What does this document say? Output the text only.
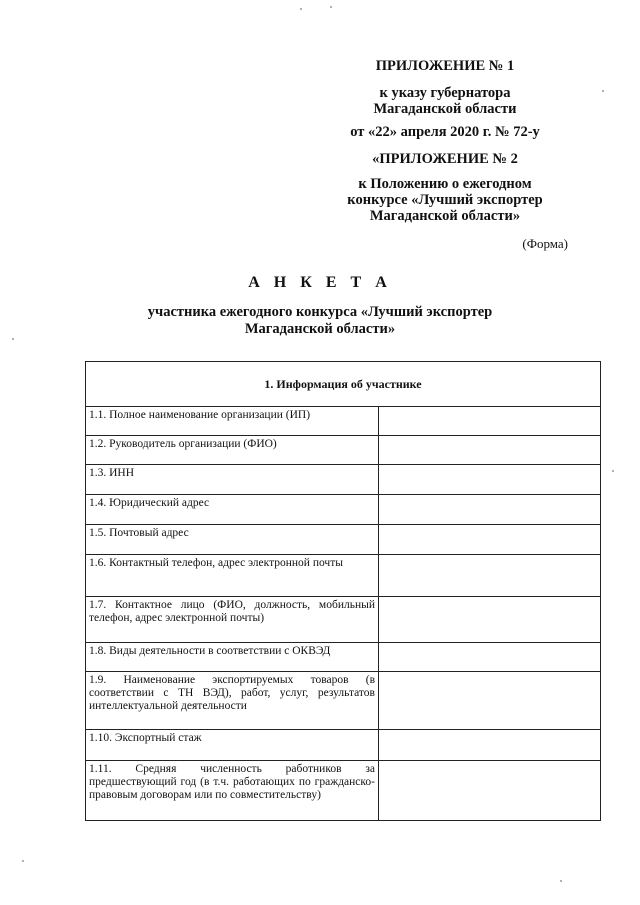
ПРИЛОЖЕНИЕ № 1
к указу губернатора
Магаданской области
от «22» апреля 2020 г. № 72-у
«ПРИЛОЖЕНИЕ № 2
к Положению о ежегодном
конкурсе «Лучший экспортер
Магаданской области»
(Форма)
А Н К Е Т А
участника ежегодного конкурса «Лучший экспортер
Магаданской области»
1. Информация об участнике	
1.1. Полное наименование организации (ИП)	
1.2. Руководитель организации (ФИО)	
1.3. ИНН	
1.4. Юридический адрес	
1.5. Почтовый адрес	
1.6. Контактный телефон, адрес электронной почты	
1.7. Контактное лицо (ФИО, должность, мобильный телефон, адрес электронной почты)	
1.8. Виды деятельности в соответствии с ОКВЭД	
1.9. Наименование экспортируемых товаров (в соответствии с ТН ВЭД), работ, услуг, результатов интеллектуальной деятельности	
1.10. Экспортный стаж	
1.11. Средняя численность работников за предшествующий год (в т.ч. работающих по гражданско-правовым договорам или по совместительству)	
